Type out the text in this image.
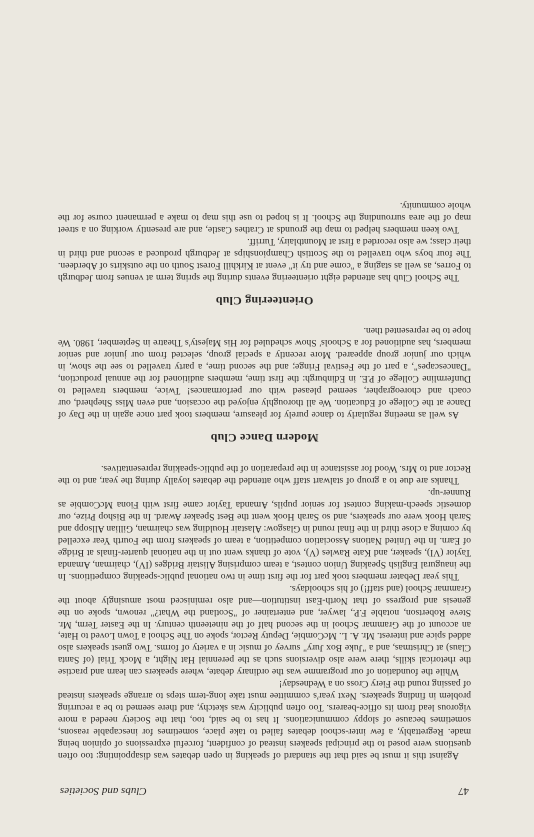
47
Clubs and Societies

Against this it must be said that the standard of speaking in open debates was disappointing: too often questions were posed to the principal speakers instead of confident, forceful expressions of opinion being made. Regrettably, a few inter-school debates failed to take place, sometimes for inescapable reasons, sometimes because of sloppy communications. It has to be said, too, that the Society needed a more vigorous lead from its office-bearers. Too often publicity was sketchy, and there seemed to be a recurring problem in finding speakers. Next year's committee must take long-term steps to arrange speakers instead of passing round the Fiery Cross on a Wednesday!

While the foundation of our programme was the ordinary debate, where speakers can learn and practise the rhetorical skills, there were also diversions such as the perennial Hat Night, a Mock Trial (of Santa Claus) at Christmas, and a "Juke Box Jury" survey of music in a variety of forms. Two guest speakers also added spice and interest. Mr. A. L. McCombie, Deputy Rector, spoke on The School a Town Loved to Hate, an account of the Grammar School in the second half of the nineteenth century. In the Easter Term, Mr. Steve Robertson, notable F.P., lawyer, and entertainer of "Scotland the What?" renown, spoke on the genesis and progress of that North-East institution—and also reminisced most amusingly about the Grammar School (and staff!) of his schooldays.

This year Debater members took part for the first time in two national public-speaking competitions. In the inaugural English Speaking Union contest, a team comprising Alistair Bridges (IV), chairman, Amanda Taylor (VI), speaker, and Kate Rawles (V), vote of thanks went out in the national quarter-finals at Bridge of Earn. In the United Nations Association competition, a team of speakers from the Fourth Year excelled by coming a close third in the final round in Glasgow: Alastair Houlding was chairman, Gillian Allsopp and Sarah Hook were our speakers, and so Sarah Hook went the Best Speaker Award. In the Bishop Prize, our domestic speech-making contest for senior pupils, Amanda Taylor came first with Fiona McCombie as Runner-up.

Thanks are due to a group of stalwart staff who attended the debates loyally during the year, and to the Rector and to Mrs. Wood for assistance in the preparation of the public-speaking representatives.

Modern Dance Club

As well as meeting regularly to dance purely for pleasure, members took part once again in the Day of Dance at the College of Education. We all thoroughly enjoyed the occasion, and even Miss Shepherd, our coach and choreographer, seemed pleased with our performances! Twice, members travelled to Dunfermline College of P.E. in Edinburgh: the first time, members auditioned for the annual production, "Dancescapes", a part of the Festival Fringe; and the second time, a party travelled to see the show, in which our junior group appeared. More recently a special group, selected from our junior and senior members, has auditioned for a Schools' Show scheduled for His Majesty's Theatre in September, 1980. We hope to be represented then.

Orienteering Club

The School Club has attended eight orienteering events during the spring term at venues from Jedburgh to Forres, as well as staging a "come and try it" event at Kirkhill Forest South on the outskirts of Aberdeen. The four boys who travelled to the Scottish Championships at Jedburgh produced a second and third in their class; we also recorded a first at Mountblairy, Turriff.

Two keen members helped to map the grounds at Crathes Castle, and are presently working on a street map of the area surrounding the School. It is hoped to use this map to make a permanent course for the whole community.
